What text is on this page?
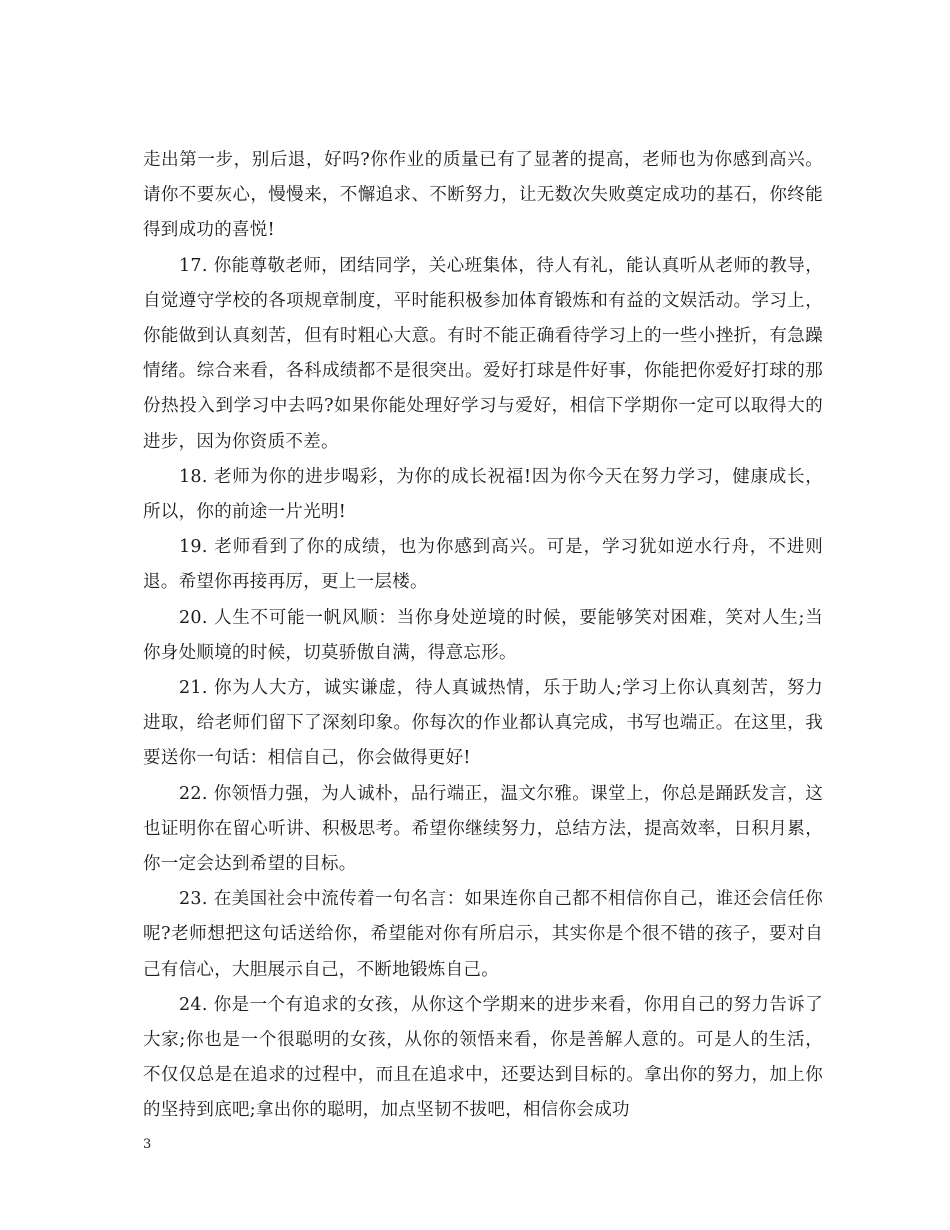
走出第一步，别后退，好吗?你作业的质量已有了显著的提高，老师也为你感到高兴。请你不要灰心，慢慢来，不懈追求、不断努力，让无数次失败奠定成功的基石，你终能得到成功的喜悦!

17. 你能尊敬老师，团结同学，关心班集体，待人有礼，能认真听从老师的教导，自觉遵守学校的各项规章制度，平时能积极参加体育锻炼和有益的文娱活动。学习上，你能做到认真刻苦，但有时粗心大意。有时不能正确看待学习上的一些小挫折，有急躁情绪。综合来看，各科成绩都不是很突出。爱好打球是件好事，你能把你爱好打球的那份热投入到学习中去吗?如果你能处理好学习与爱好，相信下学期你一定可以取得大的进步，因为你资质不差。

18. 老师为你的进步喝彩，为你的成长祝福!因为你今天在努力学习，健康成长，所以，你的前途一片光明!

19. 老师看到了你的成绩，也为你感到高兴。可是，学习犹如逆水行舟，不进则退。希望你再接再厉，更上一层楼。

20. 人生不可能一帆风顺：当你身处逆境的时候，要能够笑对困难，笑对人生;当你身处顺境的时候，切莫骄傲自满，得意忘形。

21. 你为人大方，诚实谦虚，待人真诚热情，乐于助人;学习上你认真刻苦，努力进取，给老师们留下了深刻印象。你每次的作业都认真完成，书写也端正。在这里，我要送你一句话：相信自己，你会做得更好!

22. 你领悟力强，为人诚朴，品行端正，温文尔雅。课堂上，你总是踊跃发言，这也证明你在留心听讲、积极思考。希望你继续努力，总结方法，提高效率，日积月累，你一定会达到希望的目标。

23. 在美国社会中流传着一句名言：如果连你自己都不相信你自己，谁还会信任你呢?老师想把这句话送给你，希望能对你有所启示，其实你是个很不错的孩子，要对自己有信心，大胆展示自己，不断地锻炼自己。

24. 你是一个有追求的女孩，从你这个学期来的进步来看，你用自己的努力告诉了大家;你也是一个很聪明的女孩，从你的领悟来看，你是善解人意的。可是人的生活，不仅仅总是在追求的过程中，而且在追求中，还要达到目标的。拿出你的努力，加上你的坚持到底吧;拿出你的聪明，加点坚韧不拔吧，相信你会成功

3
